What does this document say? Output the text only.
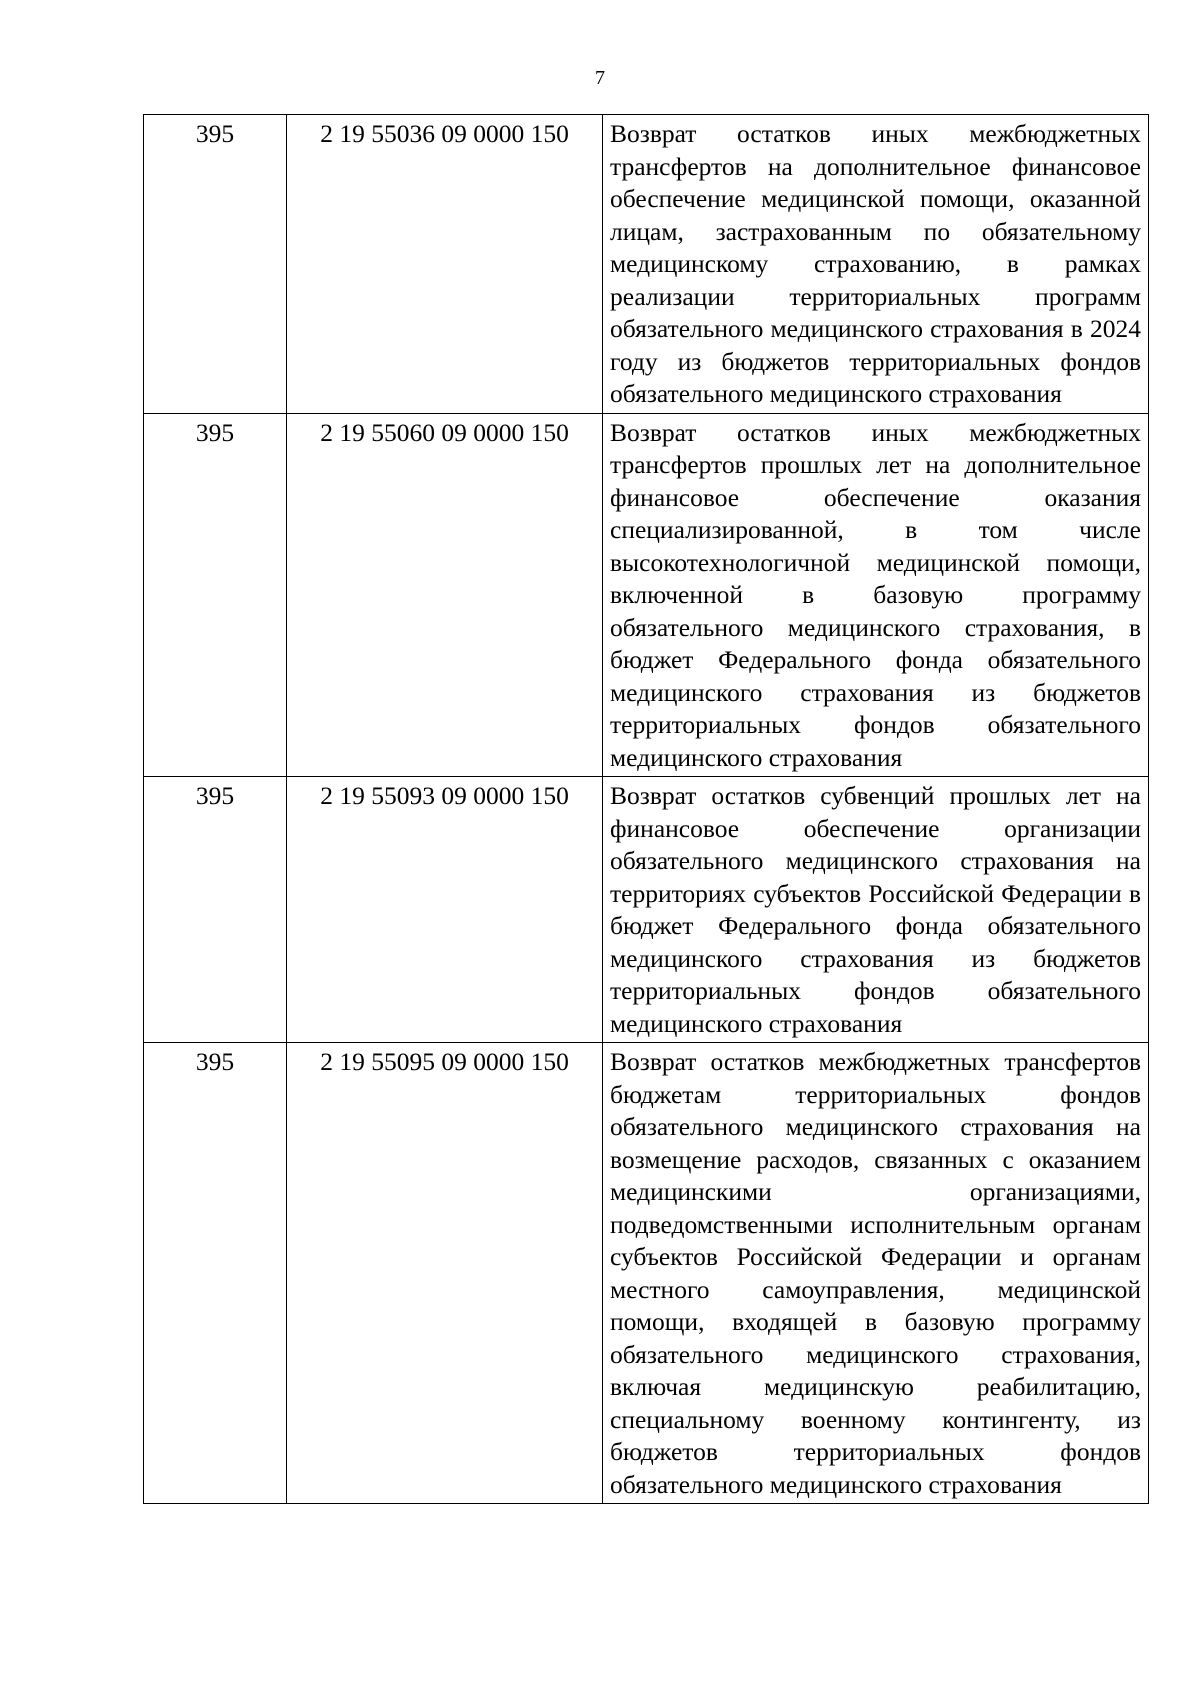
7
395	2 19 55036 09 0000 150	Возврат остатков иных межбюджетных трансфертов на дополнительное финансовое обеспечение медицинской помощи, оказанной лицам, застрахованным по обязательному медицинскому страхованию, в рамках реализации территориальных программ обязательного медицинского страхования в 2024 году из бюджетов территориальных фондов обязательного медицинского страхования
395	2 19 55060 09 0000 150	Возврат остатков иных межбюджетных трансфертов прошлых лет на дополнительное финансовое обеспечение оказания специализированной, в том числе высокотехнологичной медицинской помощи, включенной в базовую программу обязательного медицинского страхования, в бюджет Федерального фонда обязательного медицинского страхования из бюджетов территориальных фондов обязательного медицинского страхования
395	2 19 55093 09 0000 150	Возврат остатков субвенций прошлых лет на финансовое обеспечение организации обязательного медицинского страхования на территориях субъектов Российской Федерации в бюджет Федерального фонда обязательного медицинского страхования из бюджетов территориальных фондов обязательного медицинского страхования
395	2 19 55095 09 0000 150	Возврат остатков межбюджетных трансфертов бюджетам территориальных фондов обязательного медицинского страхования на возмещение расходов, связанных с оказанием медицинскими организациями, подведомственными исполнительным органам субъектов Российской Федерации и органам местного самоуправления, медицинской помощи, входящей в базовую программу обязательного медицинского страхования, включая медицинскую реабилитацию, специальному военному контингенту, из бюджетов территориальных фондов обязательного медицинского страхования
